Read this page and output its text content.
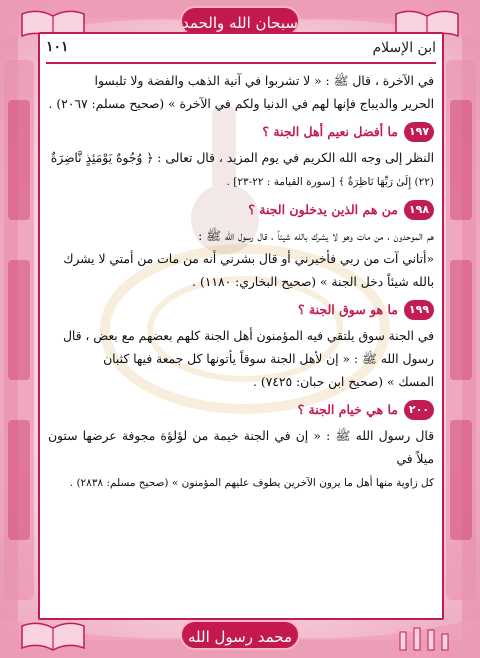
سبحان الله والحمد
محمد رسول الله
١٠١	ابن الإسلام

في الآخرة ، قال ﷺ : « لا تشربوا في آنية الذهب والفضة ولا تلبسوا
الحرير والديباج فإنها لهم في الدنيا ولكم في الآخرة » (صحيح مسلم: ٢٠٦٧) .

١٩٧
ما أفضل نعيم أهل الجنة ؟

النظر إلى وجه الله الكريم في يوم المزيد ، قال تعالى : ﴿ وُجُوهٌ يَوْمَئِذٍ نَّاضِرَةٌ
(٢٢) إِلَىٰ رَبِّهَا نَاظِرَةٌ ﴾ [سورة القيامة : ٢٢-٢٣] .

١٩٨
من هم الذين يدخلون الجنة ؟

هم الموحدون ، من مات وهو لا يشرك بالله شيئاً ، قال رسول الله ﷺ :
«أتاني آت من ربي فأخبرني أو قال بشرني أنه من مات من أمتي لا يشرك
بالله شيئاً دخل الجنة » (صحيح البخاري: ١١٨٠) .

١٩٩
ما هو سوق الجنة ؟

في الجنة سوق يلتقي فيه المؤمنون أهل الجنة كلهم بعضهم مع بعض ، قال
رسول الله ﷺ : « إن لأهل الجنة سوقاً يأتونها كل جمعة فيها كثبان
المسك » (صحيح ابن حبان: ٧٤٢٥) .

٢٠٠
ما هي خيام الجنة ؟

قال رسول الله ﷺ : « إن في الجنة خيمة من لؤلؤة مجوفة عرضها ستون ميلاً في
كل زاوية منها أهل ما يرون الآخرين يطوف عليهم المؤمنون » (صحيح مسلم: ٢٨٣٨) .
